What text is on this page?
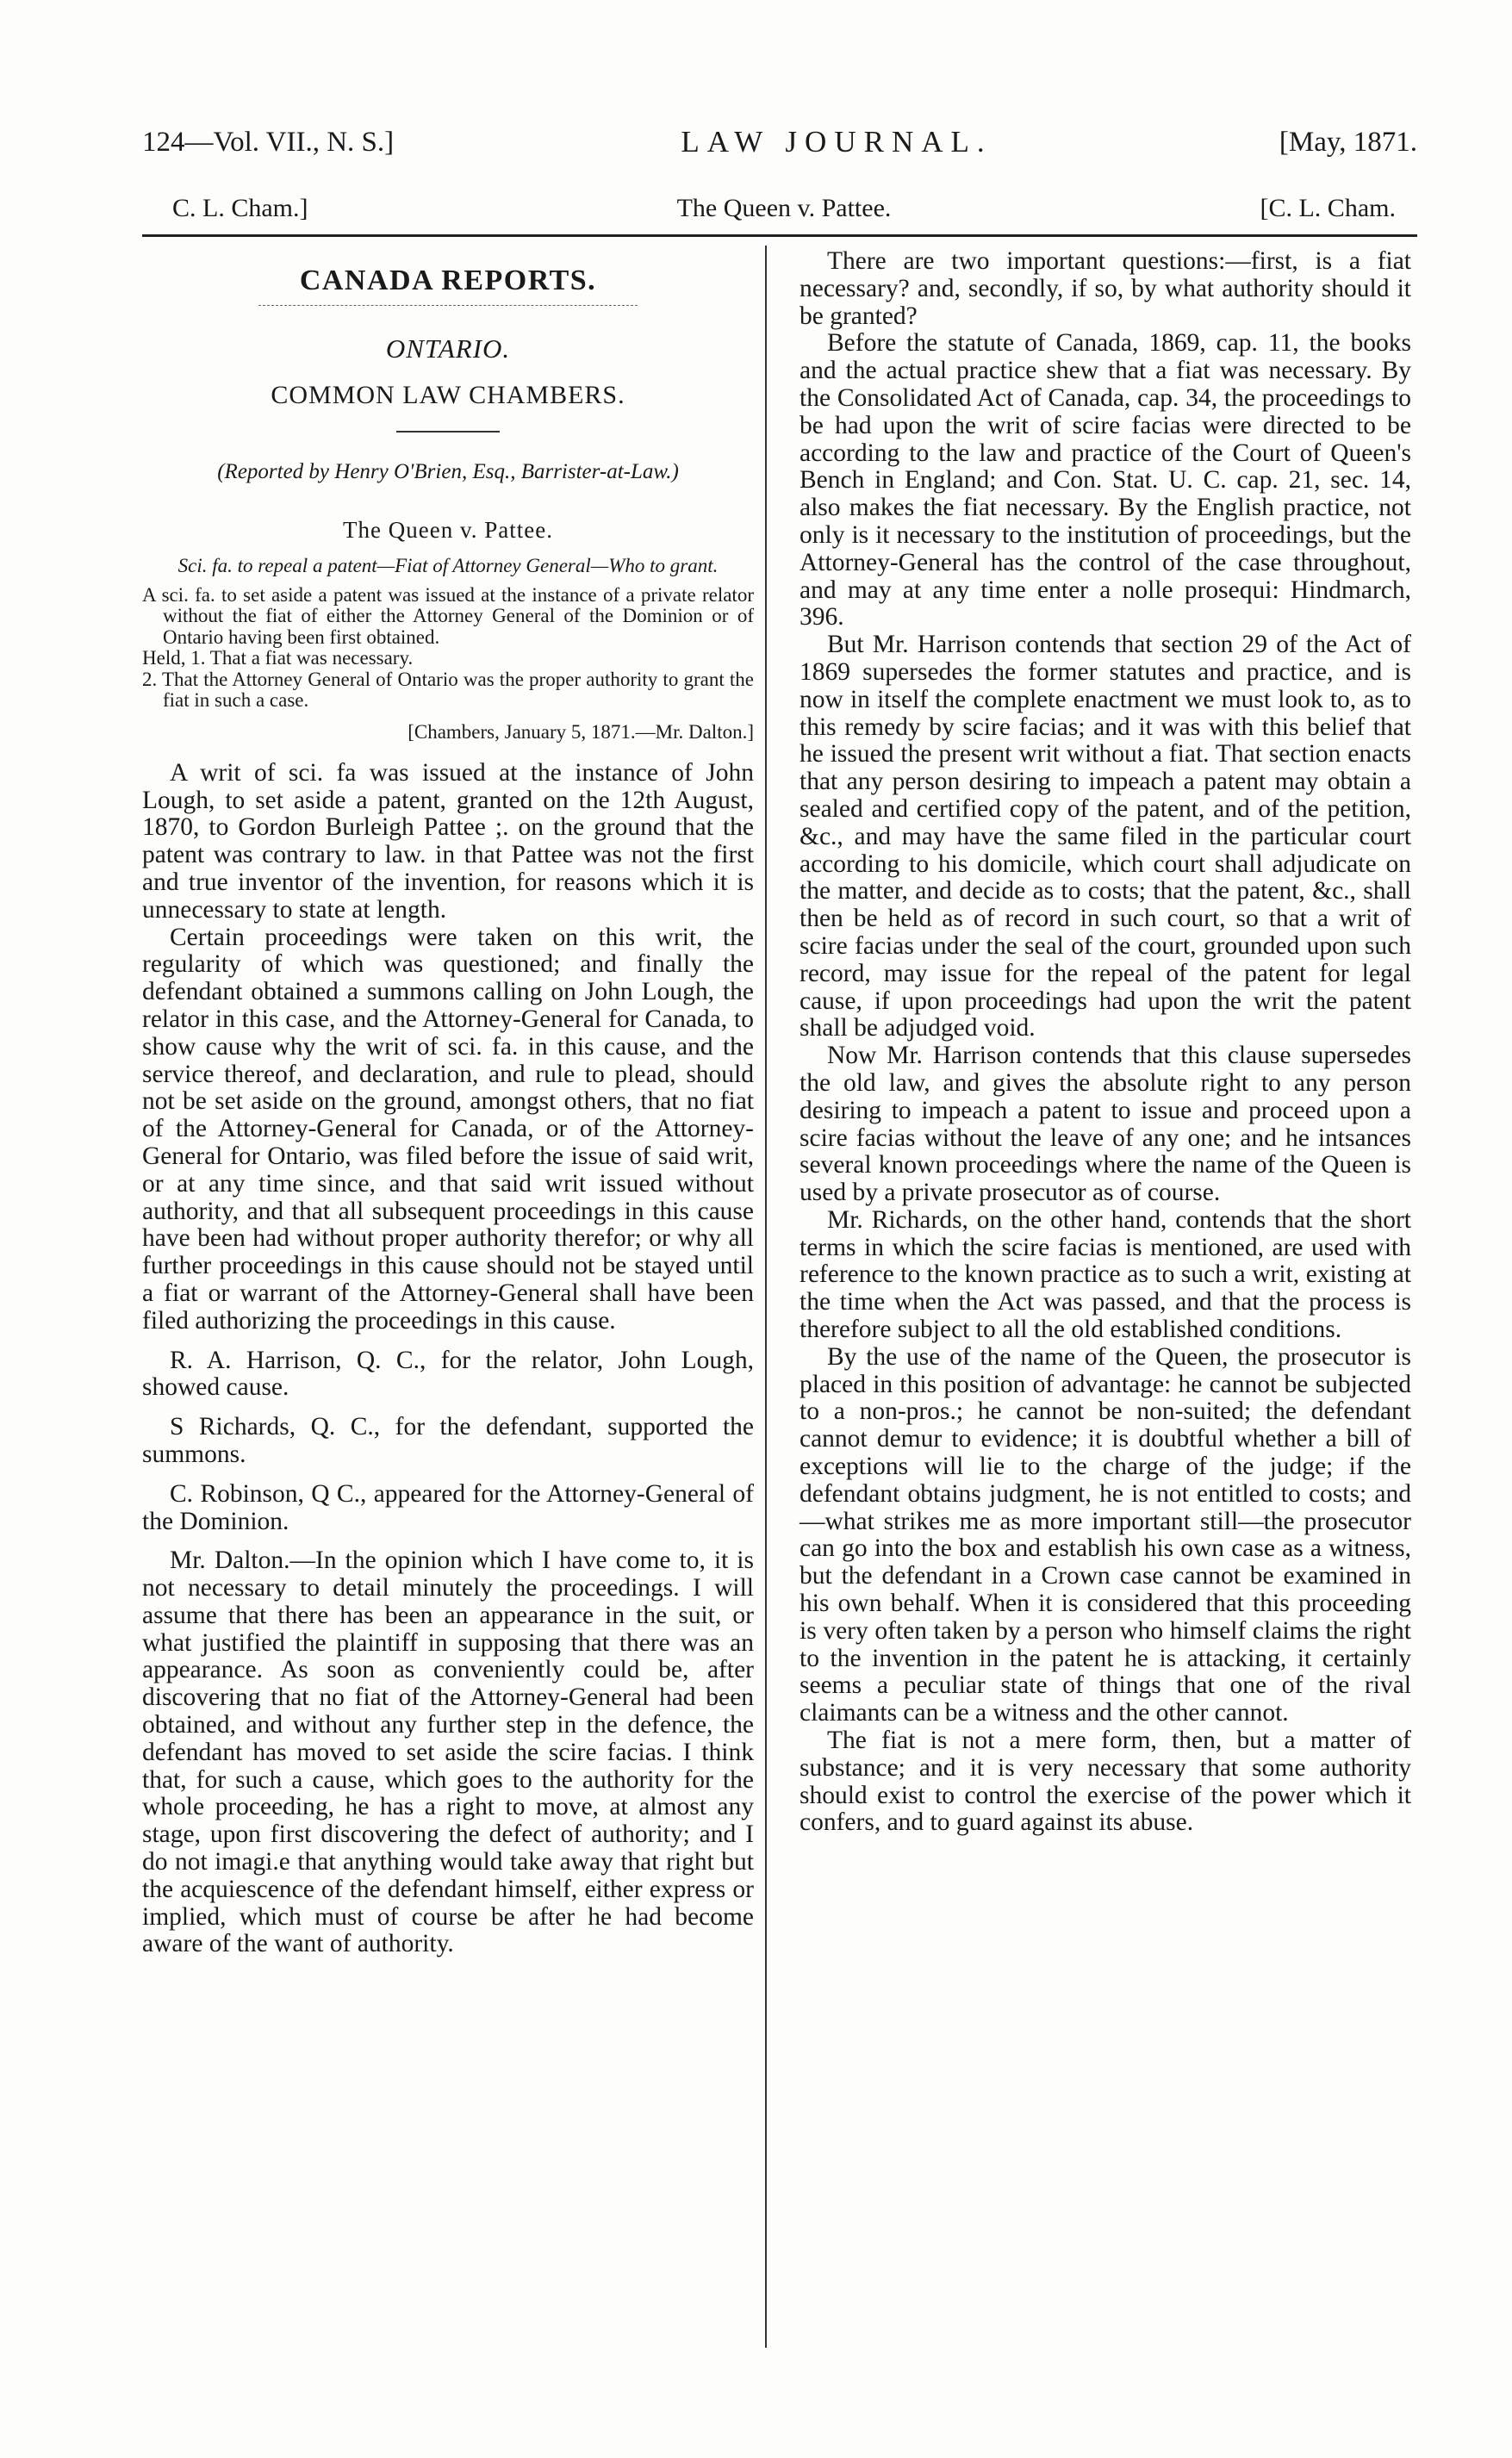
124—Vol. VII., N. S.]	LAW JOURNAL.	[May, 1871.
C. L. Cham.]	The Queen v. Pattee.	[C. L. Cham.

CANADA REPORTS.

ONTARIO.

COMMON LAW CHAMBERS.

(Reported by Henry O'Brien, Esq., Barrister-at-Law.)

The Queen v. Pattee.

Sci. fa. to repeal a patent—Fiat of Attorney General—Who to grant.

A sci. fa. to set aside a patent was issued at the instance of a private relator without the fiat of either the Attorney General of the Dominion or of Ontario having been first obtained.
Held, 1. That a fiat was necessary.
2. That the Attorney General of Ontario was the proper authority to grant the fiat in such a case.

[Chambers, January 5, 1871.—Mr. Dalton.]

A writ of sci. fa was issued at the instance of John Lough, to set aside a patent, granted on the 12th August, 1870, to Gordon Burleigh Pattee ;. on the ground that the patent was contrary to law. in that Pattee was not the first and true inventor of the invention, for reasons which it is unnecessary to state at length.

Certain proceedings were taken on this writ, the regularity of which was questioned; and finally the defendant obtained a summons calling on John Lough, the relator in this case, and the Attorney-General for Canada, to show cause why the writ of sci. fa. in this cause, and the service thereof, and declaration, and rule to plead, should not be set aside on the ground, amongst others, that no fiat of the Attorney-General for Canada, or of the Attorney-General for Ontario, was filed before the issue of said writ, or at any time since, and that said writ issued without authority, and that all subsequent proceedings in this cause have been had without proper authority therefor; or why all further proceedings in this cause should not be stayed until a fiat or warrant of the Attorney-General shall have been filed authorizing the proceedings in this cause.

R. A. Harrison, Q. C., for the relator, John Lough, showed cause.

S Richards, Q. C., for the defendant, supported the summons.

C. Robinson, Q C., appeared for the Attorney-General of the Dominion.

Mr. Dalton.—In the opinion which I have come to, it is not necessary to detail minutely the proceedings. I will assume that there has been an appearance in the suit, or what justified the plaintiff in supposing that there was an appearance. As soon as conveniently could be, after discovering that no fiat of the Attorney-General had been obtained, and without any further step in the defence, the defendant has moved to set aside the scire facias. I think that, for such a cause, which goes to the authority for the whole proceeding, he has a right to move, at almost any stage, upon first discovering the defect of authority; and I do not imagi.e that anything would take away that right but the acquiescence of the defendant himself, either express or implied, which must of course be after he had become aware of the want of authority.

There are two important questions:—first, is a fiat necessary? and, secondly, if so, by what authority should it be granted?

Before the statute of Canada, 1869, cap. 11, the books and the actual practice shew that a fiat was necessary. By the Consolidated Act of Canada, cap. 34, the proceedings to be had upon the writ of scire facias were directed to be according to the law and practice of the Court of Queen's Bench in England; and Con. Stat. U. C. cap. 21, sec. 14, also makes the fiat necessary. By the English practice, not only is it necessary to the institution of proceedings, but the Attorney-General has the control of the case throughout, and may at any time enter a nolle prosequi: Hindmarch, 396.

But Mr. Harrison contends that section 29 of the Act of 1869 supersedes the former statutes and practice, and is now in itself the complete enactment we must look to, as to this remedy by scire facias; and it was with this belief that he issued the present writ without a fiat. That section enacts that any person desiring to impeach a patent may obtain a sealed and certified copy of the patent, and of the petition, &c., and may have the same filed in the particular court according to his domicile, which court shall adjudicate on the matter, and decide as to costs; that the patent, &c., shall then be held as of record in such court, so that a writ of scire facias under the seal of the court, grounded upon such record, may issue for the repeal of the patent for legal cause, if upon proceedings had upon the writ the patent shall be adjudged void.

Now Mr. Harrison contends that this clause supersedes the old law, and gives the absolute right to any person desiring to impeach a patent to issue and proceed upon a scire facias without the leave of any one; and he intsances several known proceedings where the name of the Queen is used by a private prosecutor as of course.

Mr. Richards, on the other hand, contends that the short terms in which the scire facias is mentioned, are used with reference to the known practice as to such a writ, existing at the time when the Act was passed, and that the process is therefore subject to all the old established conditions.

By the use of the name of the Queen, the prosecutor is placed in this position of advantage: he cannot be subjected to a non-pros.; he cannot be non-suited; the defendant cannot demur to evidence; it is doubtful whether a bill of exceptions will lie to the charge of the judge; if the defendant obtains judgment, he is not entitled to costs; and—what strikes me as more important still—the prosecutor can go into the box and establish his own case as a witness, but the defendant in a Crown case cannot be examined in his own behalf. When it is considered that this proceeding is very often taken by a person who himself claims the right to the invention in the patent he is attacking, it certainly seems a peculiar state of things that one of the rival claimants can be a witness and the other cannot.

The fiat is not a mere form, then, but a matter of substance; and it is very necessary that some authority should exist to control the exercise of the power which it confers, and to guard against its abuse.
